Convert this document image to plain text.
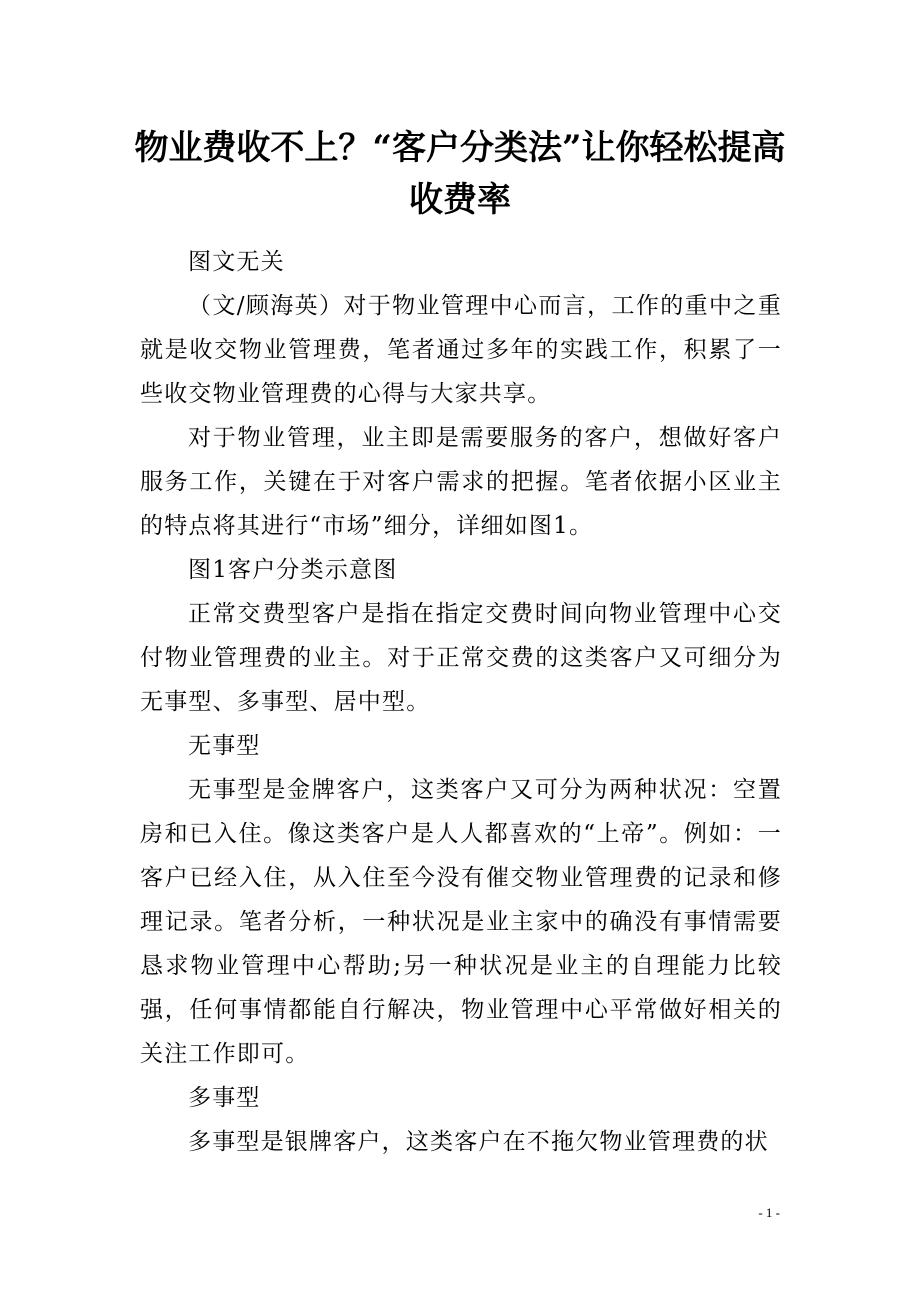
物业费收不上？“客户分类法”让你轻松提高收费率

图文无关

（文/顾海英）对于物业管理中心而言，工作的重中之重就是收交物业管理费，笔者通过多年的实践工作，积累了一些收交物业管理费的心得与大家共享。

对于物业管理，业主即是需要服务的客户，想做好客户服务工作，关键在于对客户需求的把握。笔者依据小区业主的特点将其进行“市场”细分，详细如图1。

图1客户分类示意图

正常交费型客户是指在指定交费时间向物业管理中心交付物业管理费的业主。对于正常交费的这类客户又可细分为无事型、多事型、居中型。

无事型

无事型是金牌客户，这类客户又可分为两种状况：空置房和已入住。像这类客户是人人都喜欢的“上帝”。例如：一客户已经入住，从入住至今没有催交物业管理费的记录和修理记录。笔者分析，一种状况是业主家中的确没有事情需要恳求物业管理中心帮助;另一种状况是业主的自理能力比较强，任何事情都能自行解决，物业管理中心平常做好相关的关注工作即可。

多事型

多事型是银牌客户，这类客户在不拖欠物业管理费的状

- 1 -
